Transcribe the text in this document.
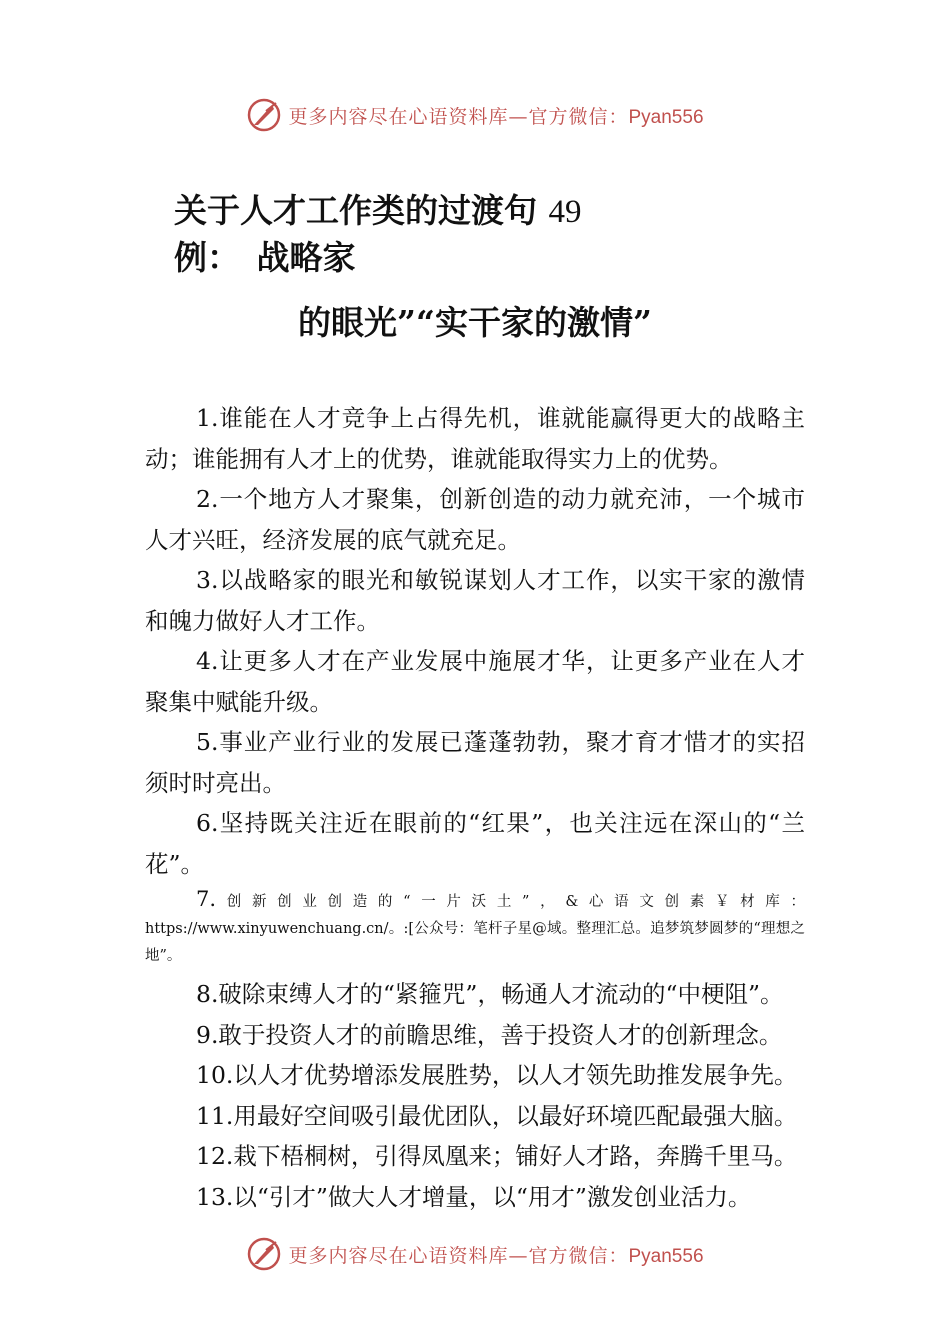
更多内容尽在心语资料库—官方微信：Pyan556
关于人才工作类的过渡句 49
例：　战略家
的眼光”“实干家的激情”

1.谁能在人才竞争上占得先机，谁就能赢得更大的战略主动；谁能拥有人才上的优势，谁就能取得实力上的优势。

2.一个地方人才聚集，创新创造的动力就充沛，一个城市人才兴旺，经济发展的底气就充足。

3.以战略家的眼光和敏锐谋划人才工作，以实干家的激情和魄力做好人才工作。

4.让更多人才在产业发展中施展才华，让更多产业在人才聚集中赋能升级。

5.事业产业行业的发展已蓬蓬勃勃，聚才育才惜才的实招须时时亮出。

6.坚持既关注近在眼前的“红果”，也关注远在深山的“兰花”。

7.创新创业创造的“一片沃土”，&心语文创素￥材库：https://www.xinyuwenchuang.cn/。:[公众号：笔杆子星@域。整理汇总。追梦筑梦圆梦的“理想之地”。

8.破除束缚人才的“紧箍咒”，畅通人才流动的“中梗阻”。

9.敢于投资人才的前瞻思维，善于投资人才的创新理念。

10.以人才优势增添发展胜势，以人才领先助推发展争先。

11.用最好空间吸引最优团队，以最好环境匹配最强大脑。

12.栽下梧桐树，引得凤凰来；铺好人才路，奔腾千里马。

13.以“引才”做大人才增量，以“用才”激发创业活力。

更多内容尽在心语资料库—官方微信：Pyan556
